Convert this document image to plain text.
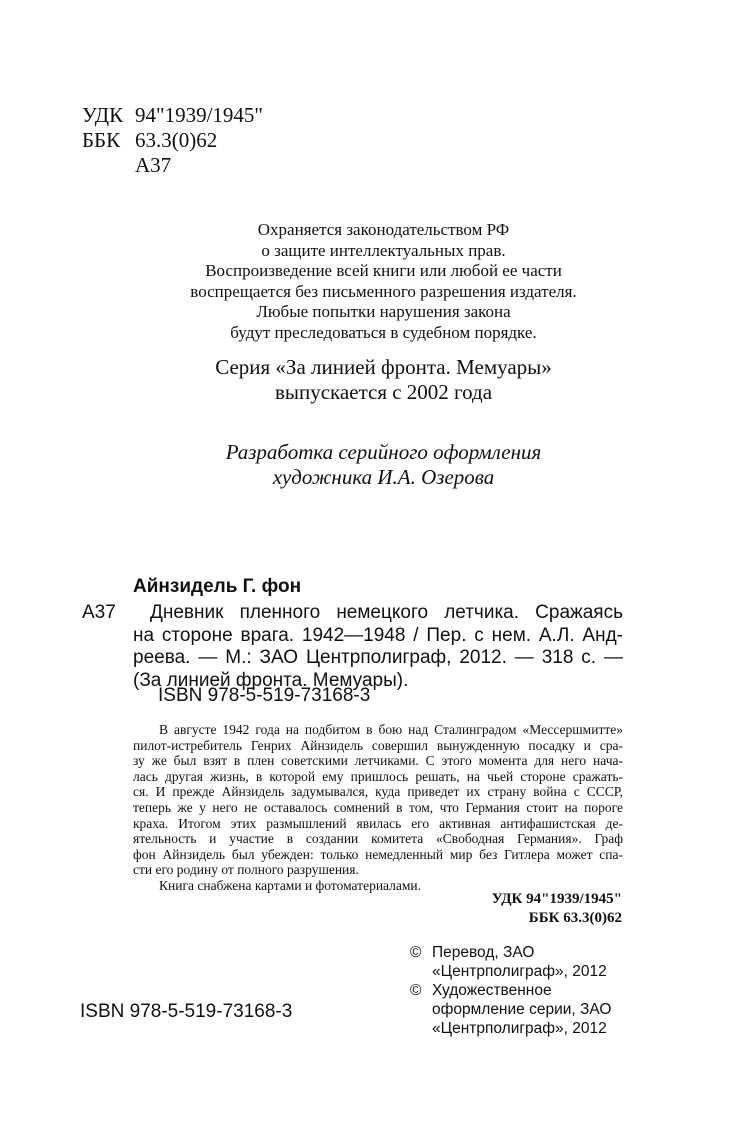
УДК 94"1939/1945"
ББК 63.3(0)62
А37
Охраняется законодательством РФ
о защите интеллектуальных прав.
Воспроизведение всей книги или любой ее части
воспрещается без письменного разрешения издателя.
Любые попытки нарушения закона
будут преследоваться в судебном порядке.
Серия «За линией фронта. Мемуары»
выпускается с 2002 года
Разработка серийного оформления
художника И.А. Озерова
Айнзидель Г. фон
А37	Дневник пленного немецкого летчика. Сражаясь
на стороне врага. 1942—1948 / Пер. с нем. А.Л. Анд-
реева. — М.: ЗАО Центрполиграф, 2012. — 318 с. —
(За линией фронта. Мемуары).
ISBN 978-5-519-73168-3
В августе 1942 года на подбитом в бою над Сталинградом «Мессершмитте»
пилот-истребитель Генрих Айнзидель совершил вынужденную посадку и сра-
зу же был взят в плен советскими летчиками. С этого момента для него нача-
лась другая жизнь, в которой ему пришлось решать, на чьей стороне сражать-
ся. И прежде Айнзидель задумывался, куда приведет их страну война с СССР,
теперь же у него не оставалось сомнений в том, что Германия стоит на пороге
краха. Итогом этих размышлений явилась его активная антифашистская де-
ятельность и участие в создании комитета «Свободная Германия». Граф
фон Айнзидель был убежден: только немедленный мир без Гитлера может спа-
сти его родину от полного разрушения.
Книга снабжена картами и фотоматериалами.
УДК 94"1939/1945"
ББК 63.3(0)62
© Перевод, ЗАО
«Центрполиграф», 2012
© Художественное
оформление серии, ЗАО
«Центрполиграф», 2012
ISBN 978-5-519-73168-3
